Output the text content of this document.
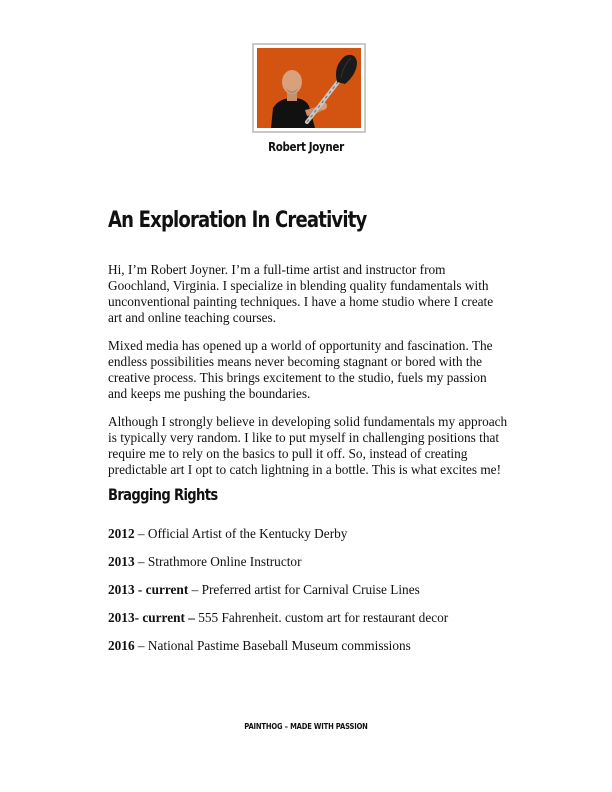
Robert Joyner
An Exploration In Creativity

Hi, I’m Robert Joyner. I’m a full-time artist and instructor from Goochland, Virginia. I specialize in blending quality fundamentals with unconventional painting techniques. I have a home studio where I create art and online teaching courses.

Mixed media has opened up a world of opportunity and fascination. The endless possibilities means never becoming stagnant or bored with the creative process. This brings excitement to the studio, fuels my passion and keeps me pushing the boundaries.

Although I strongly believe in developing solid fundamentals my approach is typically very random. I like to put myself in challenging positions that require me to rely on the basics to pull it off. So, instead of creating predictable art I opt to catch lightning in a bottle. This is what excites me!

Bragging Rights
2012 – Official Artist of the Kentucky Derby
2013 – Strathmore Online Instructor
2013 - current – Preferred artist for Carnival Cruise Lines
2013- current – 555 Fahrenheit. custom art for restaurant decor
2016 – National Pastime Baseball Museum commissions
PAINTHOG – MADE WITH PASSION
